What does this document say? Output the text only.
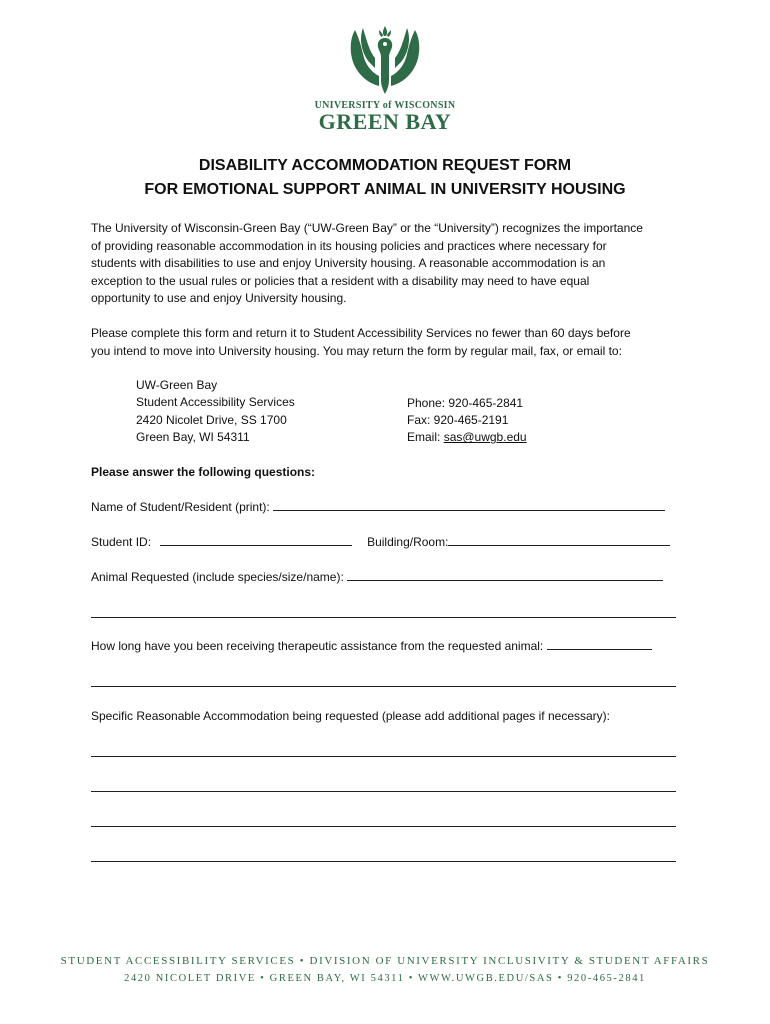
UNIVERSITY of WISCONSIN
GREEN BAY
DISABILITY ACCOMMODATION REQUEST FORM
FOR EMOTIONAL SUPPORT ANIMAL IN UNIVERSITY HOUSING
The University of Wisconsin-Green Bay (“UW-Green Bay” or the “University”) recognizes the importance
of providing reasonable accommodation in its housing policies and practices where necessary for
students with disabilities to use and enjoy University housing. A reasonable accommodation is an
exception to the usual rules or policies that a resident with a disability may need to have equal
opportunity to use and enjoy University housing.
Please complete this form and return it to Student Accessibility Services no fewer than 60 days before
you intend to move into University housing. You may return the form by regular mail, fax, or email to:
UW-Green Bay
Student Accessibility Services
2420 Nicolet Drive, SS 1700
Green Bay, WI 54311
Phone: 920-465-2841
Fax: 920-465-2191
Email: sas@uwgb.edu
Please answer the following questions:
Name of Student/Resident (print):
Student ID:	Building/Room:
Animal Requested (include species/size/name):
How long have you been receiving therapeutic assistance from the requested animal:
Specific Reasonable Accommodation being requested (please add additional pages if necessary):
STUDENT ACCESSIBILITY SERVICES • DIVISION OF UNIVERSITY INCLUSIVITY & STUDENT AFFAIRS
2420 NICOLET DRIVE • GREEN BAY, WI 54311 • WWW.UWGB.EDU/SAS • 920-465-2841
